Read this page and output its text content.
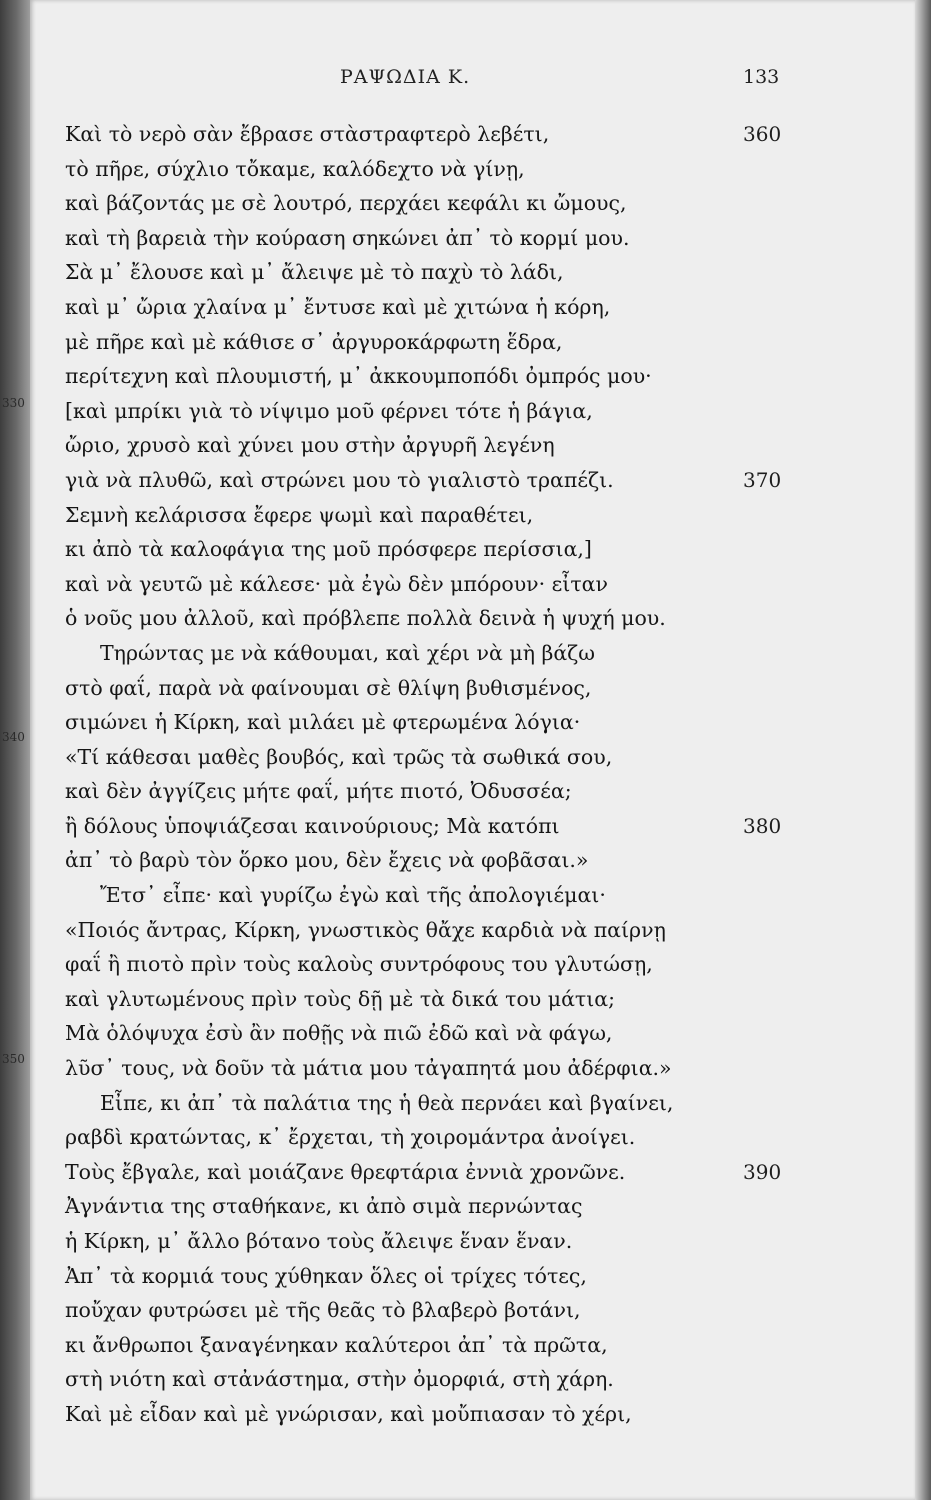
330
340
350
ΡΑΨΩΔΙΑ Κ.	133
Καὶ τὸ νερὸ σὰν ἔβρασε στὰστραφτερὸ λεβέτι,	360
τὸ πῆρε, σύχλιο τὄκαμε, καλόδεχτο νὰ γίνῃ,
καὶ βάζοντάς με σὲ λουτρό, περχάει κεφάλι κι ὤμους,
καὶ τὴ βαρειὰ τὴν κούραση σηκώνει ἀπ᾽ τὸ κορμί μου.
Σὰ μ᾽ ἔλουσε καὶ μ᾽ ἄλειψε μὲ τὸ παχὺ τὸ λάδι,
καὶ μ᾽ ὤρια χλαίνα μ᾽ ἔντυσε καὶ μὲ χιτώνα ἡ κόρη,
μὲ πῆρε καὶ μὲ κάθισε σ᾽ ἀργυροκάρφωτη ἕδρα,
περίτεχνη καὶ πλουμιστή, μ᾽ ἀκκουμποπόδι ὀμπρός μου·
[καὶ μπρίκι γιὰ τὸ νίψιμο μοῦ φέρνει τότε ἡ βάγια,
ὤριο, χρυσὸ καὶ χύνει μου στὴν ἀργυρῆ λεγένη
γιὰ νὰ πλυθῶ, καὶ στρώνει μου τὸ γιαλιστὸ τραπέζι.	370
Σεμνὴ κελάρισσα ἔφερε ψωμὶ καὶ παραθέτει,
κι ἀπὸ τὰ καλοφάγια της μοῦ πρόσφερε περίσσια,]
καὶ νὰ γευτῶ μὲ κάλεσε· μὰ ἐγὼ δὲν μπόρουν· εἶταν
ὁ νοῦς μου ἀλλοῦ, καὶ πρόβλεπε πολλὰ δεινὰ ἡ ψυχή μου.
Τηρώντας με νὰ κάθουμαι, καὶ χέρι νὰ μὴ βάζω
στὸ φαΐ, παρὰ νὰ φαίνουμαι σὲ θλίψη βυθισμένος,
σιμώνει ἡ Κίρκη, καὶ μιλάει μὲ φτερωμένα λόγια·
«Τί κάθεσαι μαθὲς βουβός, καὶ τρῶς τὰ σωθικά σου,
καὶ δὲν ἀγγίζεις μήτε φαΐ, μήτε πιοτό, Ὀδυσσέα;
ἢ δόλους ὑποψιάζεσαι καινούριους; Μὰ κατόπι	380
ἀπ᾽ τὸ βαρὺ τὸν ὅρκο μου, δὲν ἔχεις νὰ φοβᾶσαι.»
Ἔτσ᾽ εἶπε· καὶ γυρίζω ἐγὼ καὶ τῆς ἀπολογιέμαι·
«Ποιός ἄντρας, Κίρκη, γνωστικὸς θἄχε καρδιὰ νὰ παίρνῃ
φαΐ ἢ πιοτὸ πρὶν τοὺς καλοὺς συντρόφους του γλυτώσῃ,
καὶ γλυτωμένους πρὶν τοὺς δῇ μὲ τὰ δικά του μάτια;
Μὰ ὁλόψυχα ἐσὺ ἂν ποθῇς νὰ πιῶ ἐδῶ καὶ νὰ φάγω,
λῦσ᾽ τους, νὰ δοῦν τὰ μάτια μου τἀγαπητά μου ἀδέρφια.»
Εἶπε, κι ἀπ᾽ τὰ παλάτια της ἡ θεὰ περνάει καὶ βγαίνει,
ραβδὶ κρατώντας, κ᾽ ἔρχεται, τὴ χοιρομάντρα ἀνοίγει.
Τοὺς ἔβγαλε, καὶ μοιάζανε θρεφτάρια ἐννιὰ χρονῶνε.	390
Ἀγνάντια της σταθήκανε, κι ἀπὸ σιμὰ περνώντας
ἡ Κίρκη, μ᾽ ἄλλο βότανο τοὺς ἄλειψε ἕναν ἕναν.
Ἀπ᾽ τὰ κορμιά τους χύθηκαν ὅλες οἱ τρίχες τότες,
ποὔχαν φυτρώσει μὲ τῆς θεᾶς τὸ βλαβερὸ βοτάνι,
κι ἄνθρωποι ξαναγένηκαν καλύτεροι ἀπ᾽ τὰ πρῶτα,
στὴ νιότη καὶ στἀνάστημα, στὴν ὀμορφιά, στὴ χάρη.
Καὶ μὲ εἶδαν καὶ μὲ γνώρισαν, καὶ μοὔπιασαν τὸ χέρι,
